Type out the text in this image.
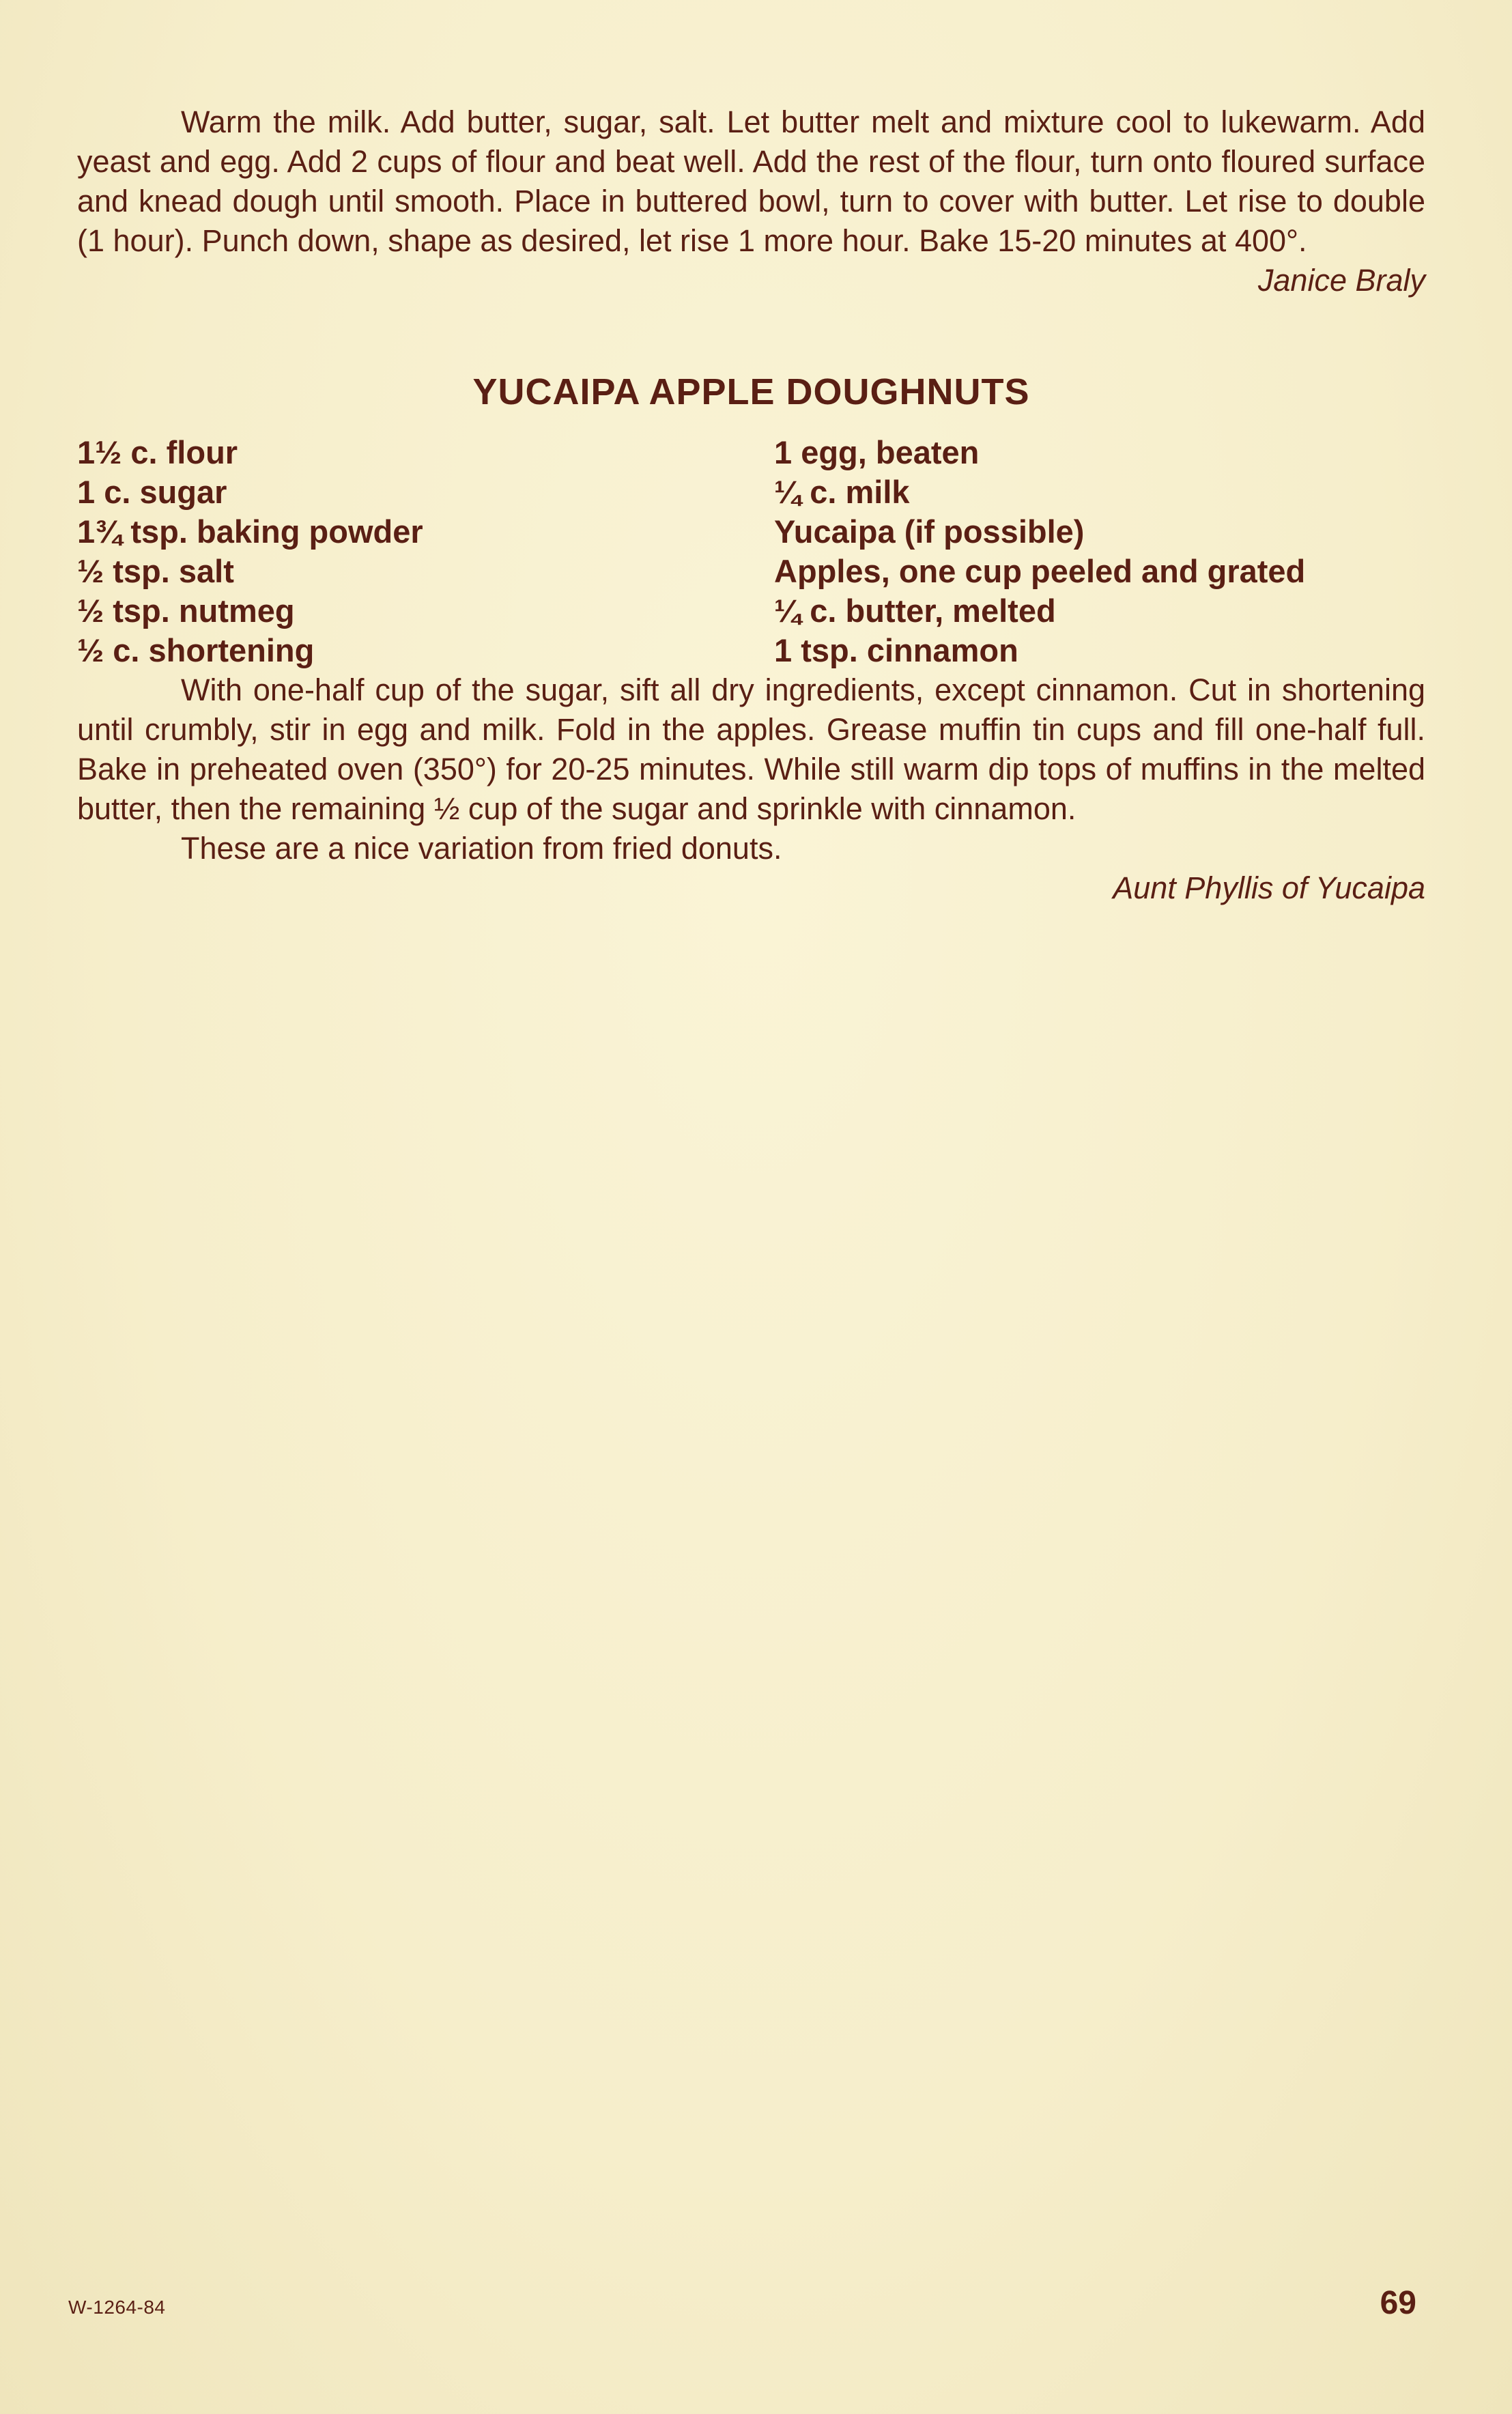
Warm the milk. Add butter, sugar, salt. Let butter melt and mixture cool to lukewarm. Add yeast and egg. Add 2 cups of flour and beat well. Add the rest of the flour, turn onto floured surface and knead dough until smooth. Place in buttered bowl, turn to cover with butter. Let rise to double (1 hour). Punch down, shape as desired, let rise 1 more hour. Bake 15-20 minutes at 400°.

Janice Braly

YUCAIPA APPLE DOUGHNUTS
1½ c. flour
1 c. sugar
1¾ tsp. baking powder
½ tsp. salt
½ tsp. nutmeg
½ c. shortening
1 egg, beaten
¼ c. milk
Yucaipa (if possible)
Apples, one cup peeled and grated
¼ c. butter, melted
1 tsp. cinnamon

With one-half cup of the sugar, sift all dry ingredients, except cinnamon. Cut in shortening until crumbly, stir in egg and milk. Fold in the apples. Grease muffin tin cups and fill one-half full. Bake in preheated oven (350°) for 20-25 minutes. While still warm dip tops of muffins in the melted butter, then the remaining ½ cup of the sugar and sprinkle with cinnamon.

These are a nice variation from fried donuts.

Aunt Phyllis of Yucaipa

W-1264-84	69
